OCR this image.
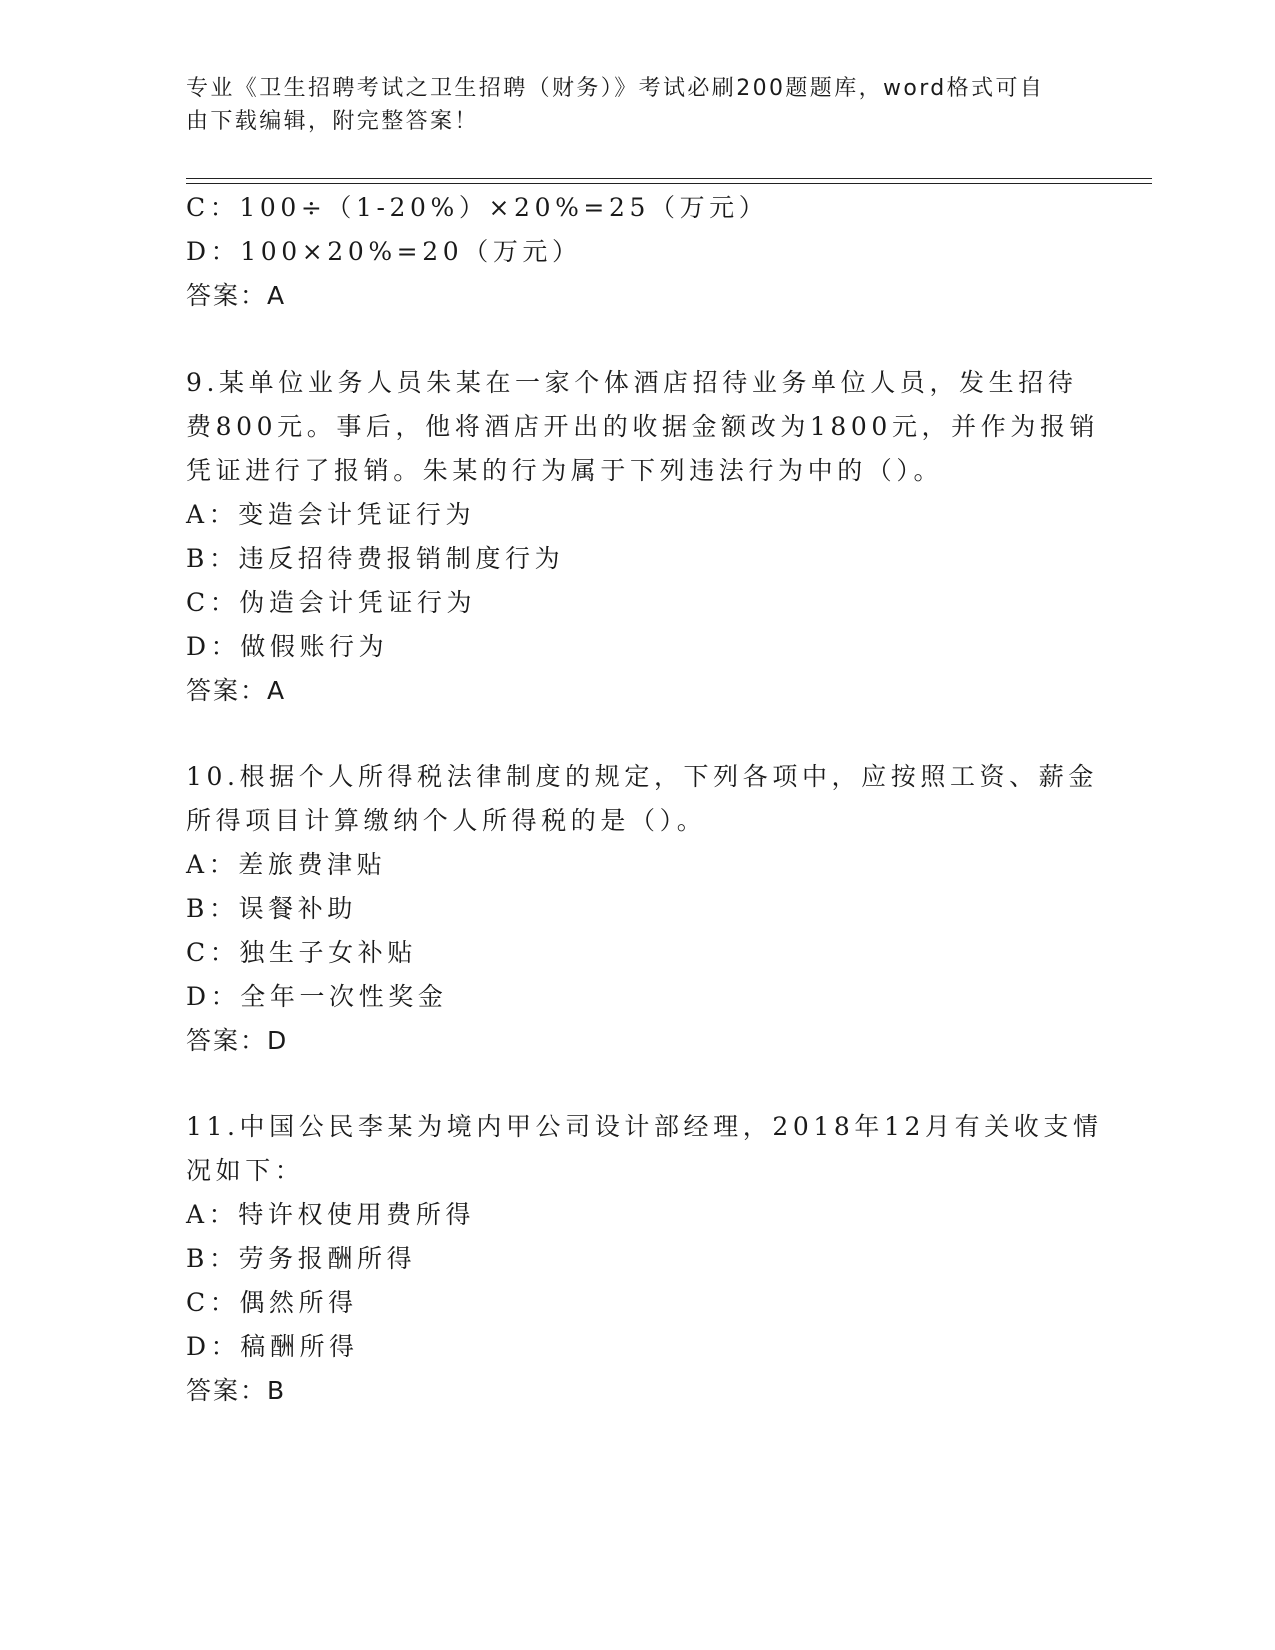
专业《卫生招聘考试之卫生招聘（财务）》考试必刷200题题库，word格式可自
由下载编辑，附完整答案！
C：100÷（1-20%）×20%=25（万元）
D：100×20%=20（万元）
答案：A
9.某单位业务人员朱某在一家个体酒店招待业务单位人员，发生招待
费800元。事后，他将酒店开出的收据金额改为1800元，并作为报销
凭证进行了报销。朱某的行为属于下列违法行为中的（）。
A：变造会计凭证行为
B：违反招待费报销制度行为
C：伪造会计凭证行为
D：做假账行为
答案：A
10.根据个人所得税法律制度的规定，下列各项中，应按照工资、薪金
所得项目计算缴纳个人所得税的是（）。
A：差旅费津贴
B：误餐补助
C：独生子女补贴
D：全年一次性奖金
答案：D
11.中国公民李某为境内甲公司设计部经理，2018年12月有关收支情
况如下：
A：特许权使用费所得
B：劳务报酬所得
C：偶然所得
D：稿酬所得
答案：B
